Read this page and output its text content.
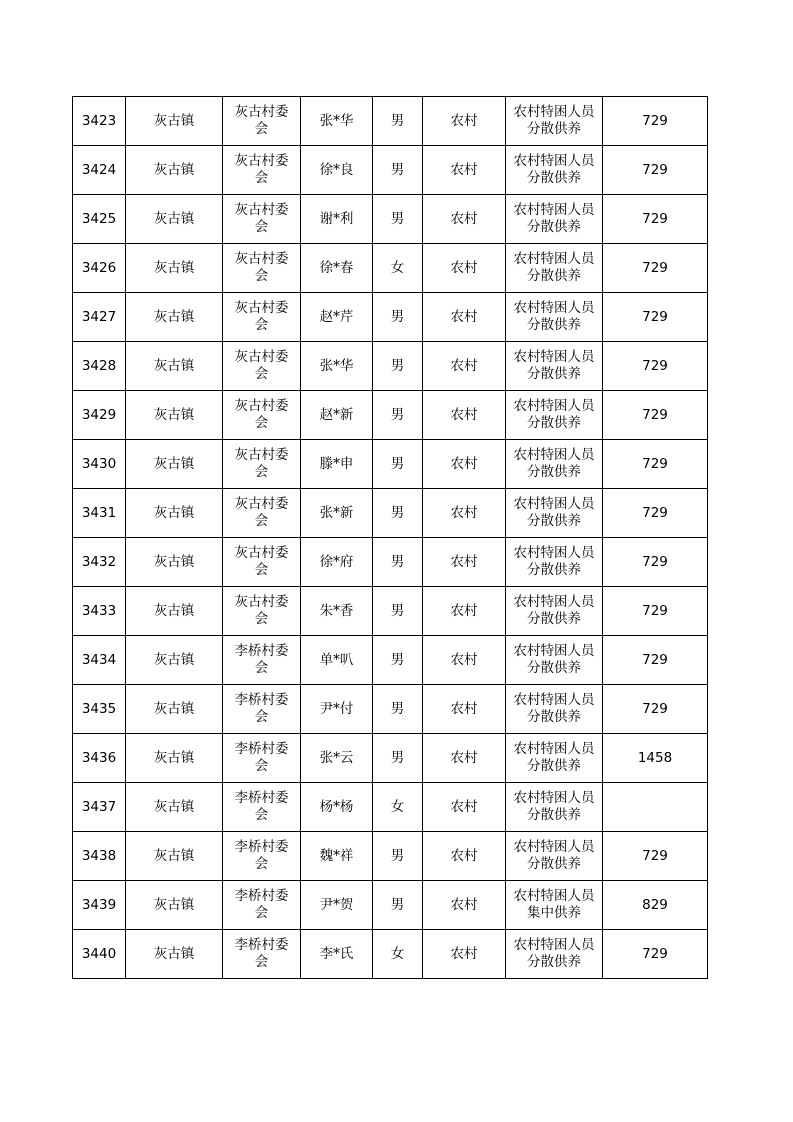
3423	灰古镇	灰古村委会	张*华	男	农村	农村特困人员分散供养	729
3424	灰古镇	灰古村委会	徐*良	男	农村	农村特困人员分散供养	729
3425	灰古镇	灰古村委会	谢*利	男	农村	农村特困人员分散供养	729
3426	灰古镇	灰古村委会	徐*春	女	农村	农村特困人员分散供养	729
3427	灰古镇	灰古村委会	赵*芹	男	农村	农村特困人员分散供养	729
3428	灰古镇	灰古村委会	张*华	男	农村	农村特困人员分散供养	729
3429	灰古镇	灰古村委会	赵*新	男	农村	农村特困人员分散供养	729
3430	灰古镇	灰古村委会	滕*申	男	农村	农村特困人员分散供养	729
3431	灰古镇	灰古村委会	张*新	男	农村	农村特困人员分散供养	729
3432	灰古镇	灰古村委会	徐*府	男	农村	农村特困人员分散供养	729
3433	灰古镇	灰古村委会	朱*香	男	农村	农村特困人员分散供养	729
3434	灰古镇	李桥村委会	单*叭	男	农村	农村特困人员分散供养	729
3435	灰古镇	李桥村委会	尹*付	男	农村	农村特困人员分散供养	729
3436	灰古镇	李桥村委会	张*云	男	农村	农村特困人员分散供养	1458
3437	灰古镇	李桥村委会	杨*杨	女	农村	农村特困人员分散供养	

3438	灰古镇	李桥村委会	魏*祥	男	农村	农村特困人员分散供养	729
3439	灰古镇	李桥村委会	尹*贺	男	农村	农村特困人员集中供养	829
3440	灰古镇	李桥村委会	李*氏	女	农村	农村特困人员分散供养	729
